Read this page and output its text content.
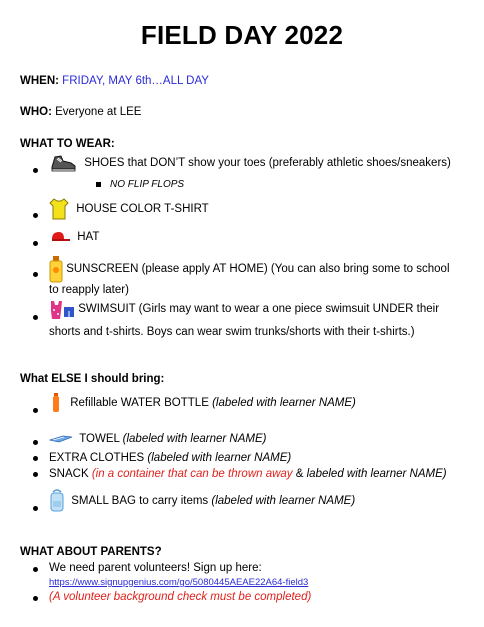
FIELD DAY 2022
WHEN: FRIDAY, MAY 6th…ALL DAY
WHO: Everyone at LEE
WHAT TO WEAR:
SHOES that DON’T show your toes (preferably athletic shoes/sneakers)
NO FLIP FLOPS
HOUSE COLOR T-SHIRT
HAT
SUNSCREEN (please apply AT HOME) (You can also bring some to school
to reapply later)
SWIMSUIT (Girls may want to wear a one piece swimsuit UNDER their
shorts and t-shirts. Boys can wear swim trunks/shorts with their t-shirts.)
What ELSE I should bring:
Refillable WATER BOTTLE (labeled with learner NAME)
TOWEL (labeled with learner NAME)
EXTRA CLOTHES (labeled with learner NAME)
SNACK (in a container that can be thrown away & labeled with learner NAME)
SMALL BAG to carry items (labeled with learner NAME)
WHAT ABOUT PARENTS?
We need parent volunteers! Sign up here:
https://www.signupgenius.com/go/5080445AEAE22A64-field3
(A volunteer background check must be completed)
